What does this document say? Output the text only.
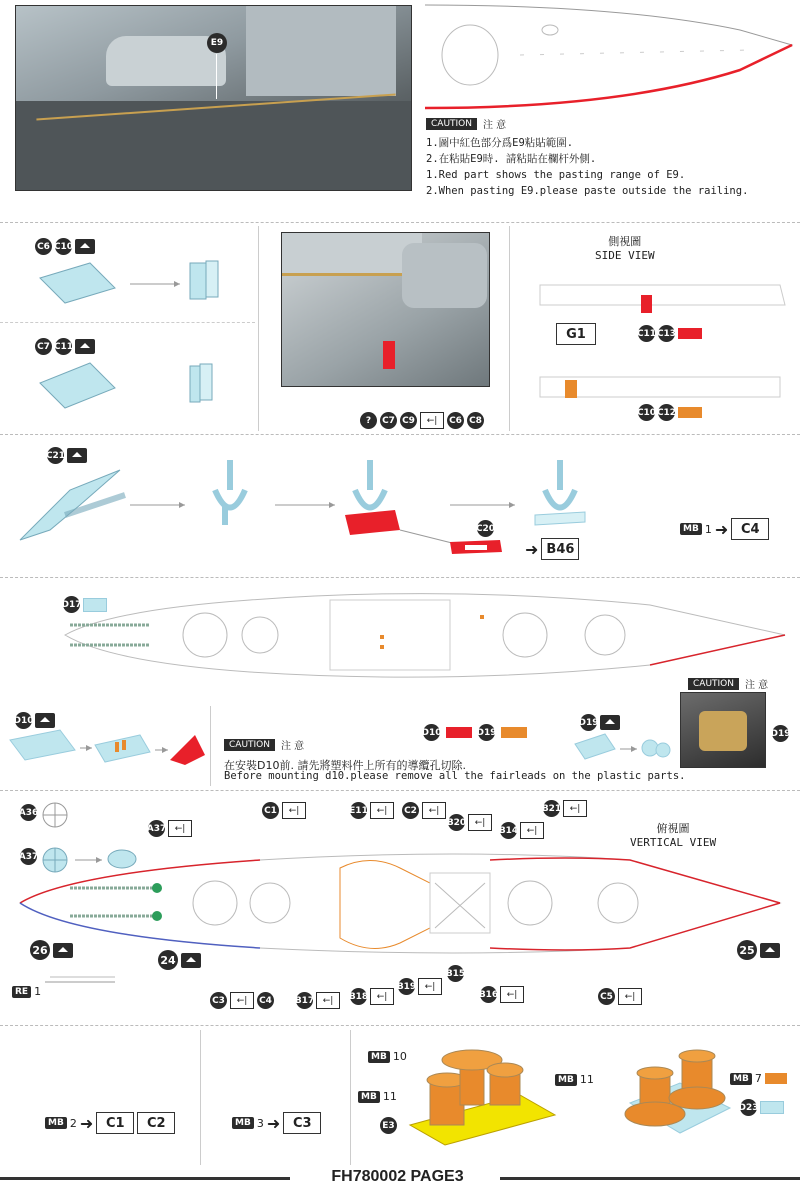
E9
CAUTION	注 意
1.圖中紅色部分爲E9粘貼範圍.
2.在粘貼E9時. 請粘貼在欄杆外側.
1.Red part shows the pasting range of E9.
2.When pasting E9.please paste outside the railing.
C6 C10
C7 C11
?	C7 C9	←|	C6 C8
側視圖
SIDE VIEW
G1	C11 C13
C10 C12
C21
C20
➜ B46
MB 1 ➜ C4
D17
CAUTION	注 意
D10
D10	D19
CAUTION	注 意
在安裝D10前. 請先將塑料件上所有的導纜孔切除.
Before mounting d10.please remove all the fairleads on the plastic parts.
D19
D19
A36
A37
A37 ←|
C1	←|	E11 ←|	C2	←|
B20 ←|
B14 ←|
B21 ←|
俯視圖
VERTICAL VIEW
26
RE 1
24
25
C3	←|	C4	B17 ←|	B18 ←|
B19 ←|
B15
B16 ←|	C5	←|
MB 2 ➜ C1	C2	MB 3 ➜ C3
MB 10
MB 11
MB 11
E3
MB 7
D23
FH780002 PAGE3
